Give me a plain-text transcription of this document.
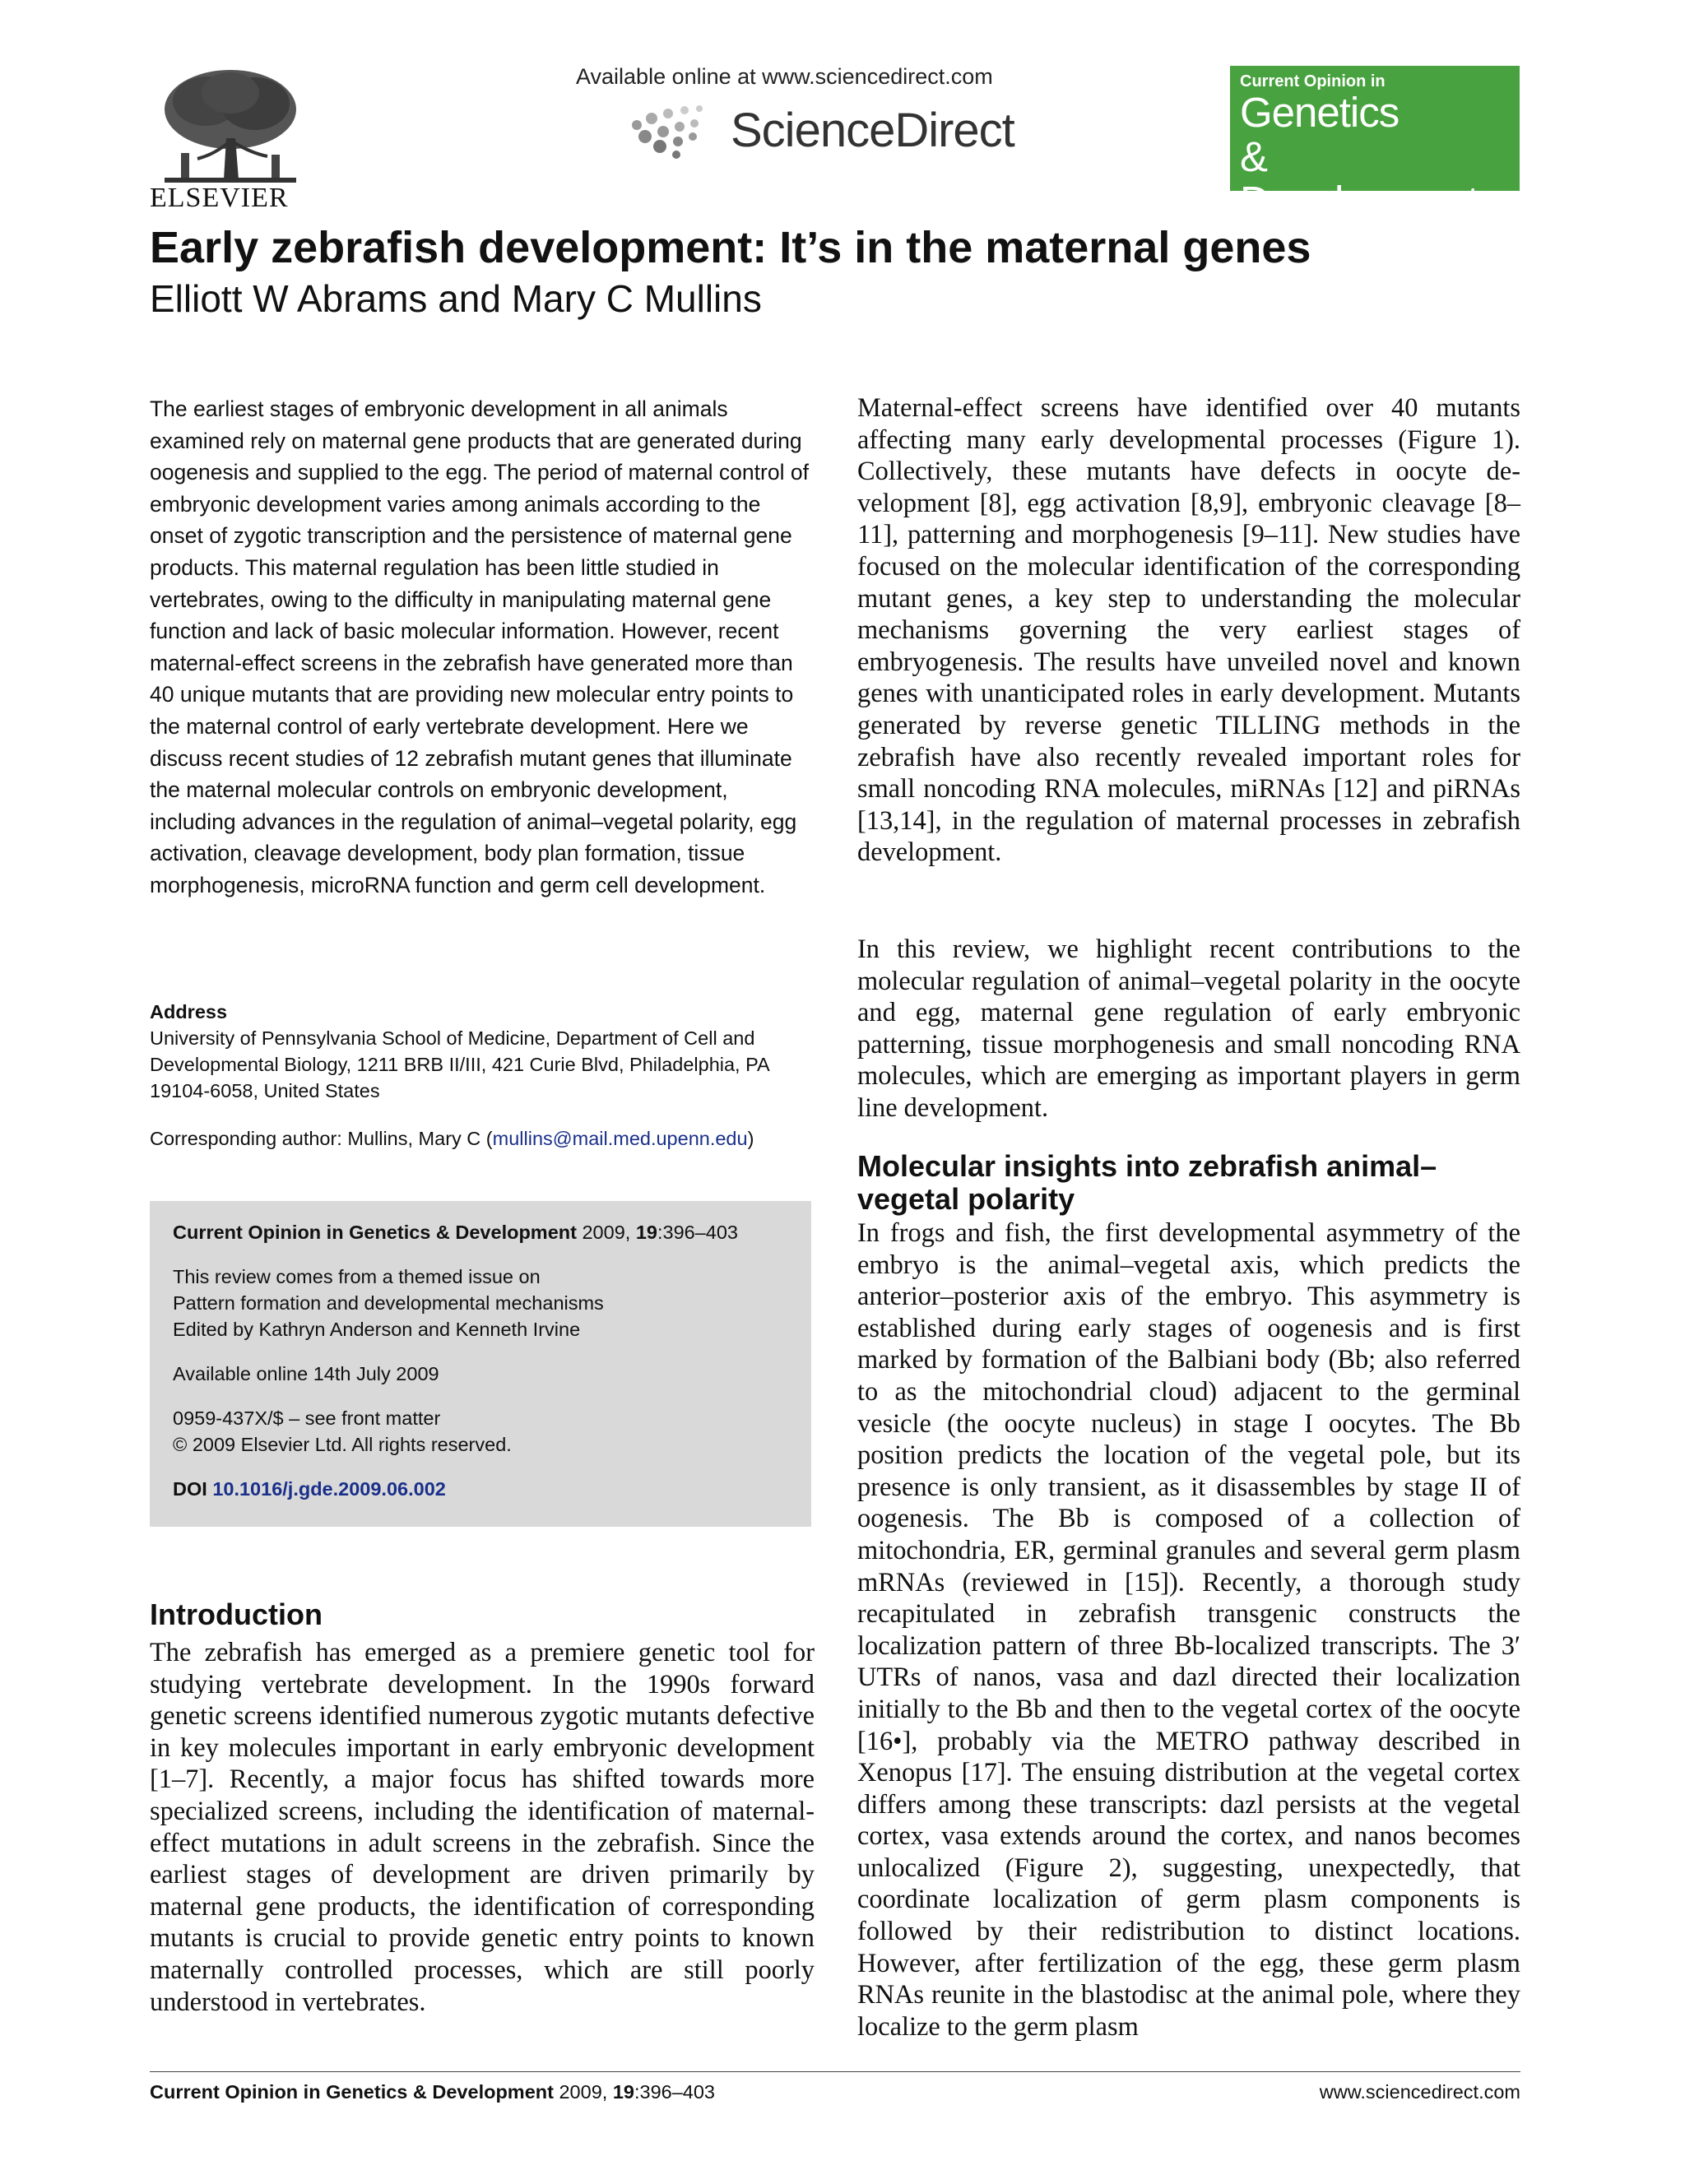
ELSEVIER
Available online at www.sciencedirect.com
ScienceDirect
Current Opinion in
Genetics
& Development
Early zebrafish development: It’s in the maternal genes
Elliott W Abrams and Mary C Mullins
The earliest stages of embryonic development in all animals examined rely on maternal gene products that are generated during oogenesis and supplied to the egg. The period of maternal control of embryonic development varies among animals according to the onset of zygotic transcription and the persistence of maternal gene products. This maternal regulation has been little studied in vertebrates, owing to the difficulty in manipulating maternal gene function and lack of basic molecular information. However, recent maternal-effect screens in the zebrafish have generated more than 40 unique mutants that are providing new molecular entry points to the maternal control of early vertebrate development. Here we discuss recent studies of 12 zebrafish mutant genes that illuminate the maternal molecular controls on embryonic development, including advances in the regulation of animal–vegetal polarity, egg activation, cleavage development, body plan formation, tissue morphogenesis, microRNA function and germ cell development.
Address
University of Pennsylvania School of Medicine, Department of Cell and Developmental Biology, 1211 BRB II/III, 421 Curie Blvd, Philadelphia, PA 19104-6058, United States
Corresponding author: Mullins, Mary C (mullins@mail.med.upenn.edu)
Current Opinion in Genetics & Development 2009, 19:396–403
This review comes from a themed issue on
Pattern formation and developmental mechanisms
Edited by Kathryn Anderson and Kenneth Irvine
Available online 14th July 2009
0959-437X/$ – see front matter
© 2009 Elsevier Ltd. All rights reserved.
DOI 10.1016/j.gde.2009.06.002
Introduction
The zebrafish has emerged as a premiere genetic tool for studying vertebrate development. In the 1990s forward genetic screens identified numerous zygotic mutants defective in key molecules important in early embryonic development [1–7]. Recently, a major focus has shifted towards more specialized screens, including the identification of maternal-effect mutations in adult screens in the zebrafish. Since the earliest stages of development are driven primarily by maternal gene products, the identification of corresponding mutants is crucial to provide genetic entry points to known maternally controlled processes, which are still poorly understood in vertebrates.
Maternal-effect screens have identified over 40 mutants affecting many early developmental processes (Figure 1). Collectively, these mutants have defects in oocyte development [8], egg activation [8,9], embryonic cleavage [8–11], patterning and morphogenesis [9–11]. New studies have focused on the molecular identification of the corresponding mutant genes, a key step to understanding the molecular mechanisms governing the very earliest stages of embryogenesis. The results have unveiled novel and known genes with unanticipated roles in early development. Mutants generated by reverse genetic TILLING methods in the zebrafish have also recently revealed important roles for small noncoding RNA molecules, miRNAs [12] and piRNAs [13,14], in the regulation of maternal processes in zebrafish development.
In this review, we highlight recent contributions to the molecular regulation of animal–vegetal polarity in the oocyte and egg, maternal gene regulation of early embryonic patterning, tissue morphogenesis and small noncoding RNA molecules, which are emerging as important players in germ line development.
Molecular insights into zebrafish animal–vegetal polarity
In frogs and fish, the first developmental asymmetry of the embryo is the animal–vegetal axis, which predicts the anterior–posterior axis of the embryo. This asymmetry is established during early stages of oogenesis and is first marked by formation of the Balbiani body (Bb; also referred to as the mitochondrial cloud) adjacent to the germinal vesicle (the oocyte nucleus) in stage I oocytes. The Bb position predicts the location of the vegetal pole, but its presence is only transient, as it disassembles by stage II of oogenesis. The Bb is composed of a collection of mitochondria, ER, germinal granules and several germ plasm mRNAs (reviewed in [15]). Recently, a thorough study recapitulated in zebrafish transgenic constructs the localization pattern of three Bb-localized transcripts. The 3′ UTRs of nanos, vasa and dazl directed their localization initially to the Bb and then to the vegetal cortex of the oocyte [16•], probably via the METRO pathway described in Xenopus [17]. The ensuing distribution at the vegetal cortex differs among these transcripts: dazl persists at the vegetal cortex, vasa extends around the cortex, and nanos becomes unlocalized (Figure 2), suggesting, unexpectedly, that coordinate localization of germ plasm components is followed by their redistribution to distinct locations. However, after fertilization of the egg, these germ plasm RNAs reunite in the blastodisc at the animal pole, where they localize to the germ plasm
Current Opinion in Genetics & Development 2009, 19:396–403	www.sciencedirect.com
